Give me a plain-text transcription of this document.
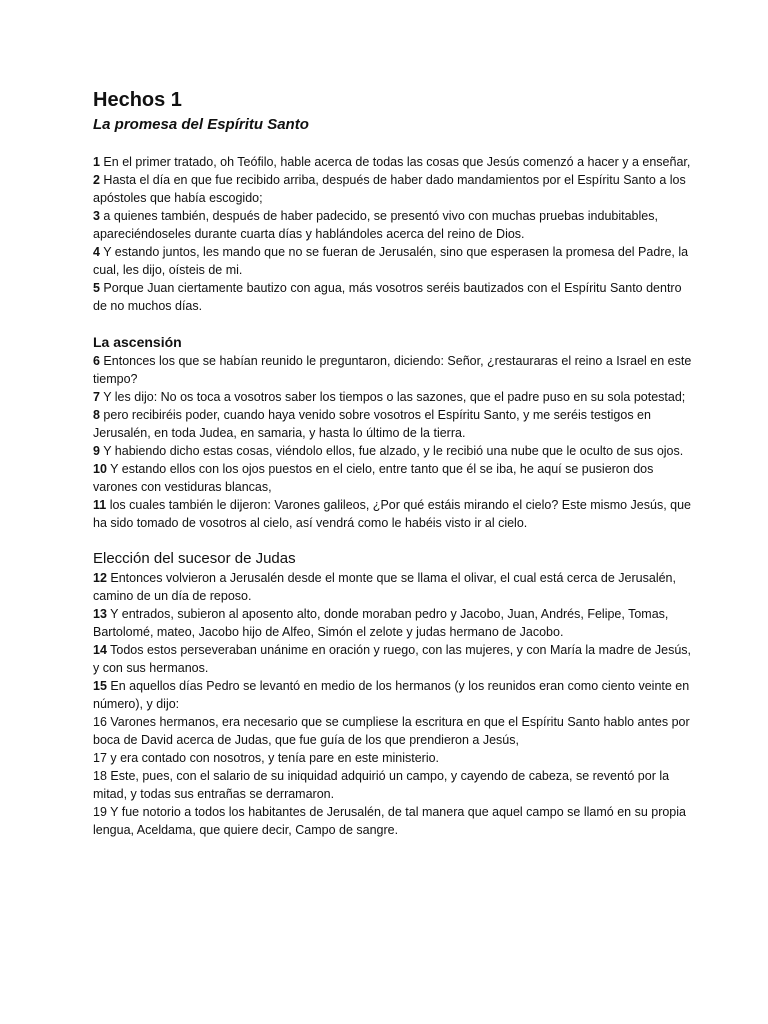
Hechos 1

La promesa del Espíritu Santo

1 En el primer tratado, oh Teófilo, hable acerca de todas las cosas que Jesús comenzó a hacer y a enseñar,

2 Hasta el día en que fue recibido arriba, después de haber dado mandamientos por el Espíritu Santo a los apóstoles que había escogido;

3 a quienes también, después de haber padecido, se presentó vivo con muchas pruebas indubitables, apareciéndoseles durante cuarta días y hablándoles acerca del reino de Dios.

4 Y estando juntos, les mando que no se fueran de Jerusalén, sino que esperasen la promesa del Padre, la cual, les dijo, oísteis de mi.

5 Porque Juan ciertamente bautizo con agua, más vosotros seréis bautizados con el Espíritu Santo dentro de no muchos días.

La ascensión

6 Entonces los que se habían reunido le preguntaron, diciendo: Señor, ¿restauraras el reino a Israel en este tiempo?

7 Y les dijo: No os toca a vosotros saber los tiempos o las sazones, que el padre puso en su sola potestad;

8 pero recibiréis poder, cuando haya venido sobre vosotros el Espíritu Santo, y me seréis testigos en Jerusalén, en toda Judea, en samaria, y hasta lo último de la tierra.

9 Y habiendo dicho estas cosas, viéndolo ellos, fue alzado, y le recibió una nube que le oculto de sus ojos.

10 Y estando ellos con los ojos puestos en el cielo, entre tanto que él se iba, he aquí se pusieron dos varones con vestiduras blancas,

11 los cuales también le dijeron: Varones galileos, ¿Por qué estáis mirando el cielo? Este mismo Jesús, que ha sido tomado de vosotros al cielo, así vendrá como le habéis visto ir al cielo.

Elección del sucesor de Judas

12 Entonces volvieron a Jerusalén desde el monte que se llama el olivar, el cual está cerca de Jerusalén, camino de un día de reposo.

13 Y entrados, subieron al aposento alto, donde moraban pedro y Jacobo, Juan, Andrés, Felipe, Tomas, Bartolomé, mateo, Jacobo hijo de Alfeo, Simón el zelote y judas hermano de Jacobo.

14 Todos estos perseveraban unánime en oración y ruego, con las mujeres, y con María la madre de Jesús, y con sus hermanos.

15 En aquellos días Pedro se levantó en medio de los hermanos (y los reunidos eran como ciento veinte en número), y dijo:

16 Varones hermanos, era necesario que se cumpliese la escritura en que el Espíritu Santo hablo antes por boca de David acerca de Judas, que fue guía de los que prendieron a Jesús,

17 y era contado con nosotros, y tenía pare en este ministerio.

18 Este, pues, con el salario de su iniquidad adquirió un campo, y cayendo de cabeza, se reventó por la mitad, y todas sus entrañas se derramaron.

19 Y fue notorio a todos los habitantes de Jerusalén, de tal manera que aquel campo se llamó en su propia lengua, Aceldama, que quiere decir, Campo de sangre.
